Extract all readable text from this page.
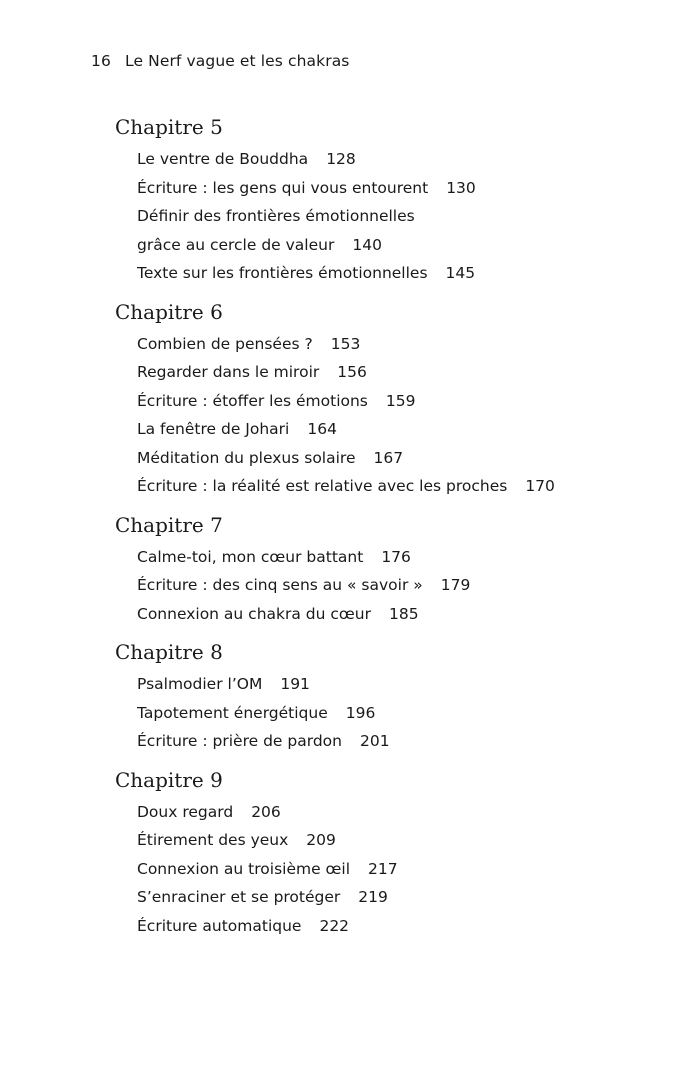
16 Le Nerf vague et les chakras
Chapitre 5
Le ventre de Bouddha 128
Écriture : les gens qui vous entourent 130
Définir des frontières émotionnelles
grâce au cercle de valeur 140
Texte sur les frontières émotionnelles 145
Chapitre 6
Combien de pensées ? 153
Regarder dans le miroir 156
Écriture : étoffer les émotions 159
La fenêtre de Johari 164
Méditation du plexus solaire 167
Écriture : la réalité est relative avec les proches 170
Chapitre 7
Calme-toi, mon cœur battant 176
Écriture : des cinq sens au « savoir » 179
Connexion au chakra du cœur 185
Chapitre 8
Psalmodier l’OM 191
Tapotement énergétique 196
Écriture : prière de pardon 201
Chapitre 9
Doux regard 206
Étirement des yeux 209
Connexion au troisième œil 217
S’enraciner et se protéger 219
Écriture automatique 222
